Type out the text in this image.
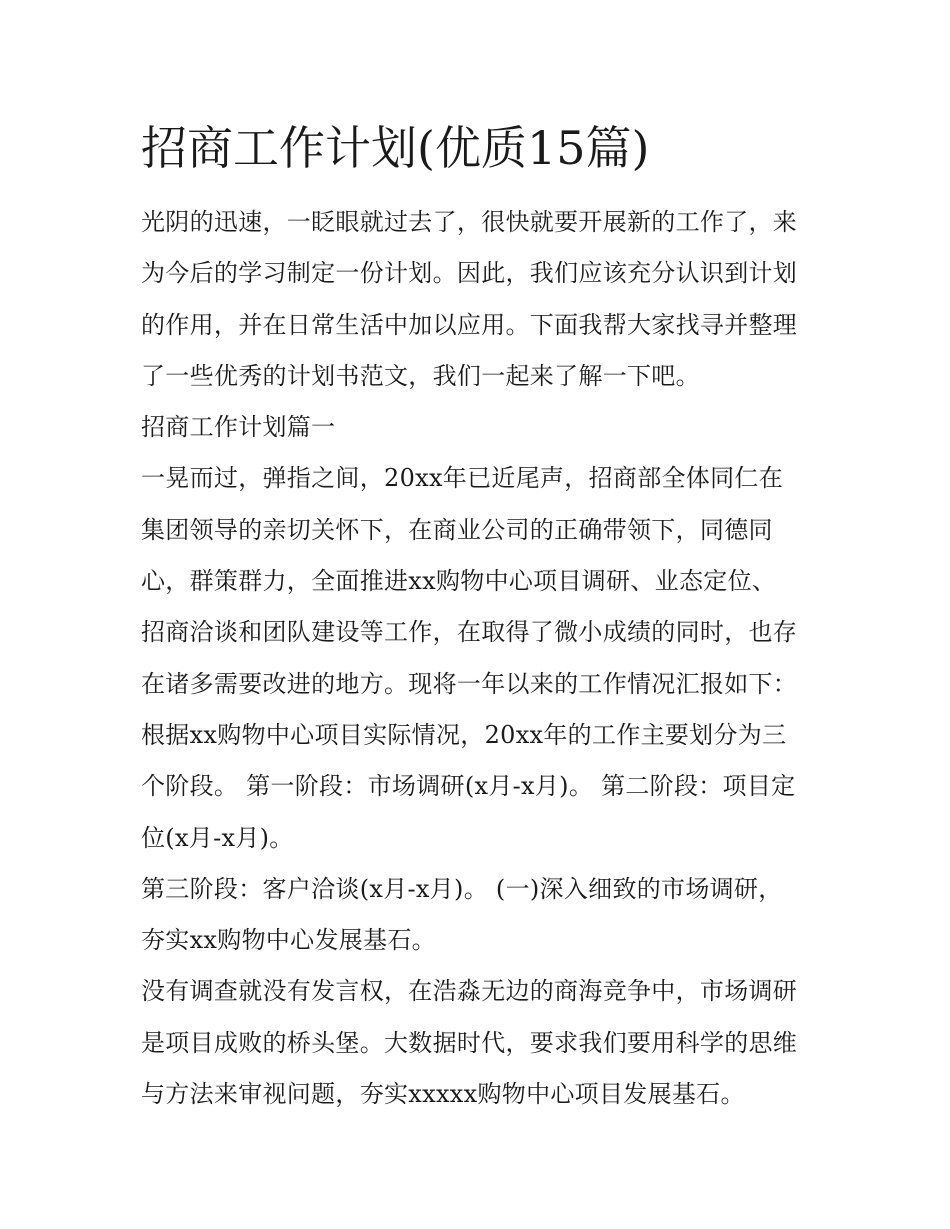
招商工作计划(优质15篇)
光阴的迅速，一眨眼就过去了，很快就要开展新的工作了，来
为今后的学习制定一份计划。因此，我们应该充分认识到计划
的作用，并在日常生活中加以应用。下面我帮大家找寻并整理
了一些优秀的计划书范文，我们一起来了解一下吧。
招商工作计划篇一
一晃而过，弹指之间，20xx年已近尾声，招商部全体同仁在
集团领导的亲切关怀下，在商业公司的正确带领下，同德同
心，群策群力，全面推进xx购物中心项目调研、业态定位、
招商洽谈和团队建设等工作，在取得了微小成绩的同时，也存
在诸多需要改进的地方。现将一年以来的工作情况汇报如下：
根据xx购物中心项目实际情况，20xx年的工作主要划分为三
个阶段。 第一阶段：市场调研(x月-x月)。 第二阶段：项目定
位(x月-x月)。
第三阶段：客户洽谈(x月-x月)。 (一)深入细致的市场调研，
夯实xx购物中心发展基石。
没有调查就没有发言权，在浩淼无边的商海竞争中，市场调研
是项目成败的桥头堡。大数据时代，要求我们要用科学的思维
与方法来审视问题，夯实xxxxx购物中心项目发展基石。
